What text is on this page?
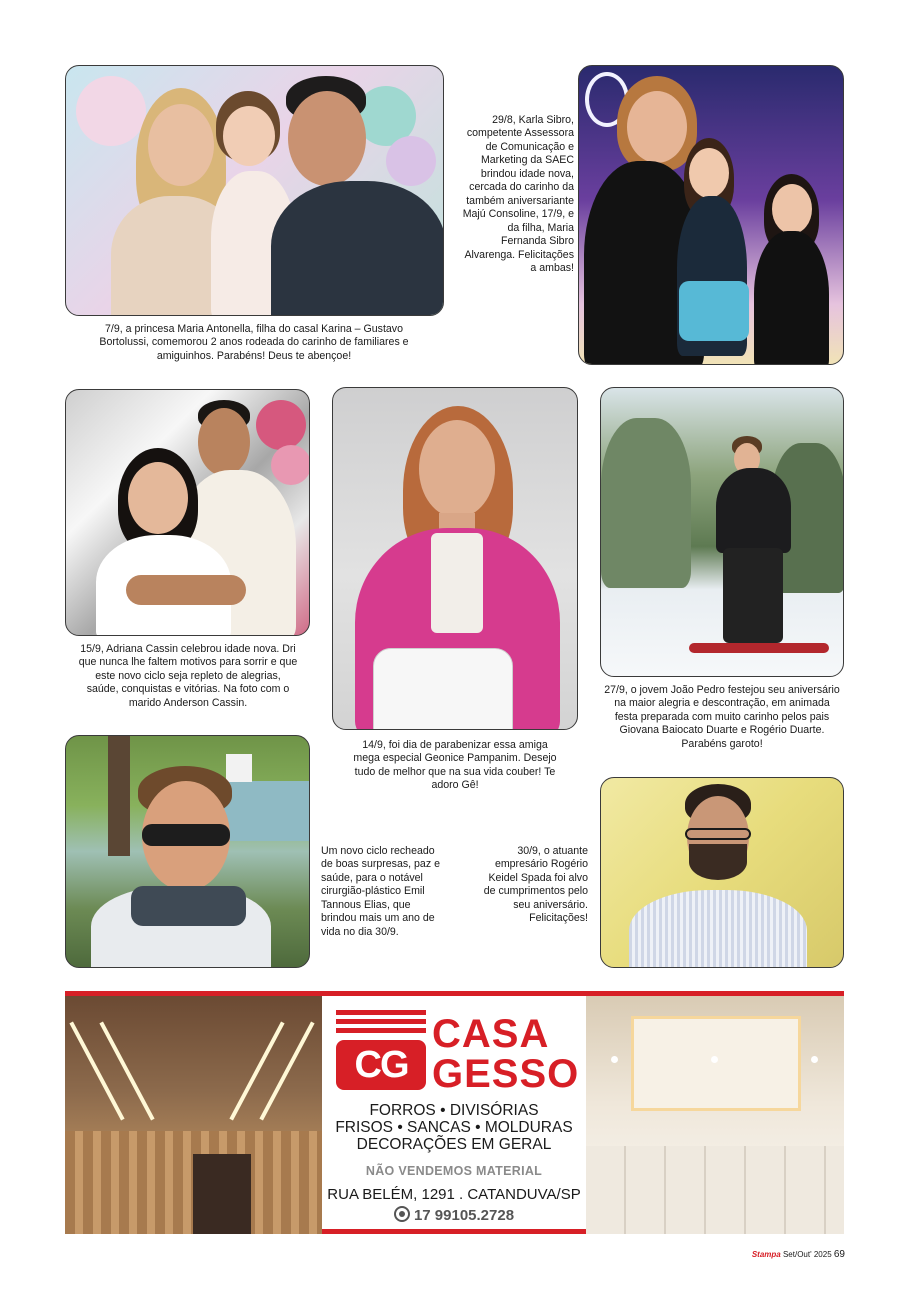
7/9, a princesa Maria Antonella, filha do casal Karina – Gustavo Bortolussi, comemorou 2 anos rodeada do carinho de familiares e amiguinhos. Parabéns! Deus te abençoe!
29/8, Karla Sibro, competente Assessora de Comunicação e Marketing da SAEC brindou idade nova, cercada do carinho da também aniversariante Majú Consoline, 17/9, e da filha, Maria Fernanda Sibro Alvarenga. Felicitações a ambas!
15/9, Adriana Cassin celebrou idade nova. Dri que nunca lhe faltem motivos para sorrir e que este novo ciclo seja repleto de alegrias, saúde, conquistas e vitórias. Na foto com o marido Anderson Cassin.
14/9, foi dia de parabenizar essa amiga mega especial Geonice Pampanim. Desejo tudo de melhor que na sua vida couber! Te adoro Gê!
27/9, o jovem João Pedro festejou seu aniversário na maior alegria e descontração, em animada festa preparada com muito carinho pelos pais Giovana Baiocato Duarte e Rogério Duarte. Parabéns garoto!
Um novo ciclo recheado de boas surpresas, paz e saúde, para o notável cirurgião-plástico Emil Tannous Elias, que brindou mais um ano de vida no dia 30/9.
30/9, o atuante empresário Rogério Keidel Spada foi alvo de cumprimentos pelo seu aniversário. Felicitações!
CG
CASA
GESSO
FORROS • DIVISÓRIAS
FRISOS • SANCAS • MOLDURAS
DECORAÇÕES EM GERAL
NÃO VENDEMOS MATERIAL
RUA BELÉM, 1291 . CATANDUVA/SP
17 99105.2728
Stampa Set/Out' 2025 69
